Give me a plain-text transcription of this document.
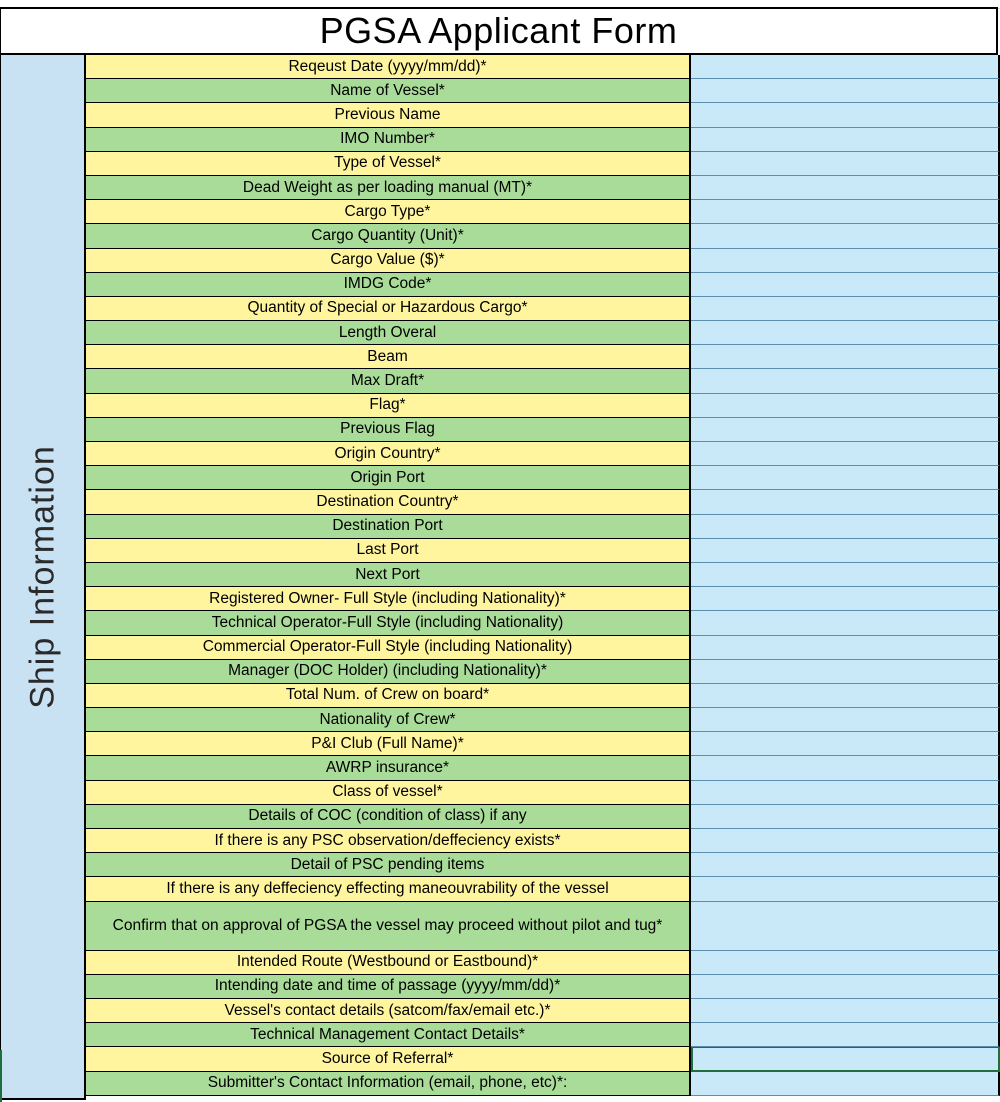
PGSA Applicant Form
Ship Information
Reqeust Date (yyyy/mm/dd)*
Name of Vessel*
Previous Name
IMO Number*
Type of Vessel*
Dead Weight as per loading manual (MT)*
Cargo Type*
Cargo Quantity (Unit)*
Cargo Value ($)*
IMDG Code*
Quantity of Special or Hazardous Cargo*
Length Overal
Beam
Max Draft*
Flag*
Previous Flag
Origin Country*
Origin Port
Destination Country*
Destination Port
Last Port
Next Port
Registered Owner- Full Style (including Nationality)*
Technical Operator-Full Style (including Nationality)
Commercial Operator-Full Style (including Nationality)
Manager (DOC Holder) (including Nationality)*
Total Num. of Crew on board*
Nationality of Crew*
P&I Club (Full Name)*
AWRP insurance*
Class of vessel*
Details of COC (condition of class) if any
If there is any PSC observation/deffeciency exists*
Detail of PSC pending items
If there is any deffeciency effecting maneouvrability of the vessel
Confirm that on approval of PGSA the vessel may proceed without pilot and tug*
Intended Route (Westbound or Eastbound)*
Intending date and time of passage (yyyy/mm/dd)*
Vessel's contact details (satcom/fax/email etc.)*
Technical Management Contact Details*
Source of Referral*
Submitter's Contact Information (email, phone, etc)*:
